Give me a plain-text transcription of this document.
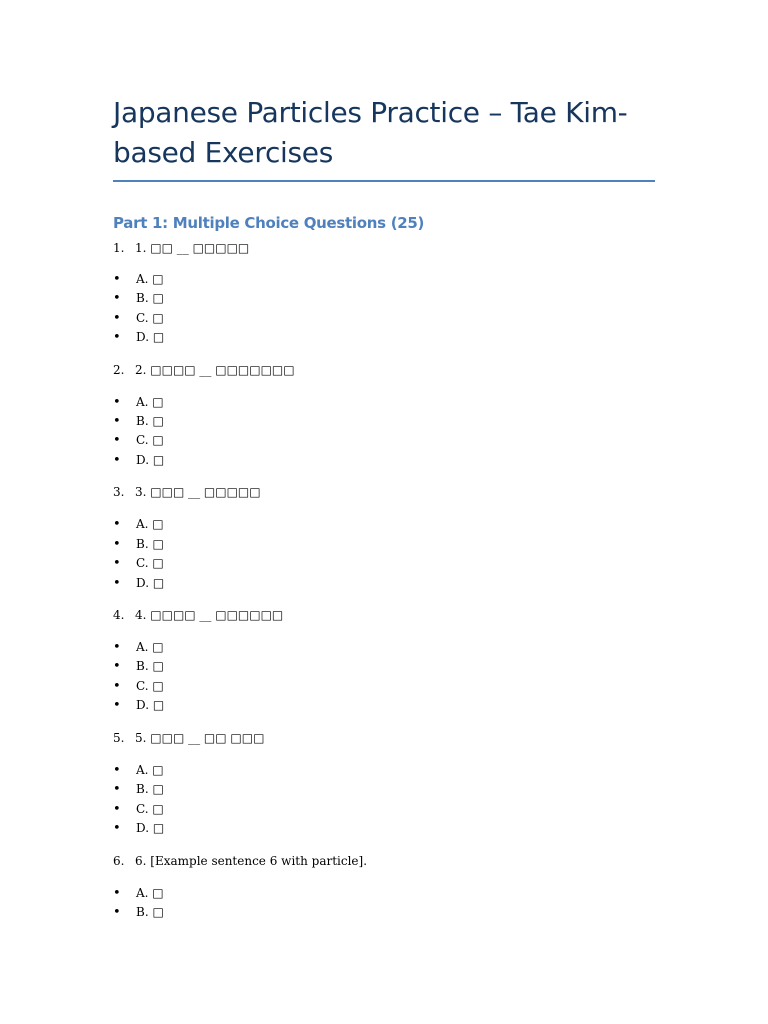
Japanese Particles Practice – Tae Kim-based Exercises
Part 1: Multiple Choice Questions (25)
1. 1. □□ __ □□□□□
• A. □
• B. □
• C. □
• D. □
2. 2. □□□□ __ □□□□□□□
• A. □
• B. □
• C. □
• D. □
3. 3. □□□ __ □□□□□
• A. □
• B. □
• C. □
• D. □
4. 4. □□□□ __ □□□□□□
• A. □
• B. □
• C. □
• D. □
5. 5. □□□ __ □□ □□□
• A. □
• B. □
• C. □
• D. □
6. 6. [Example sentence 6 with particle].
• A. □
• B. □
